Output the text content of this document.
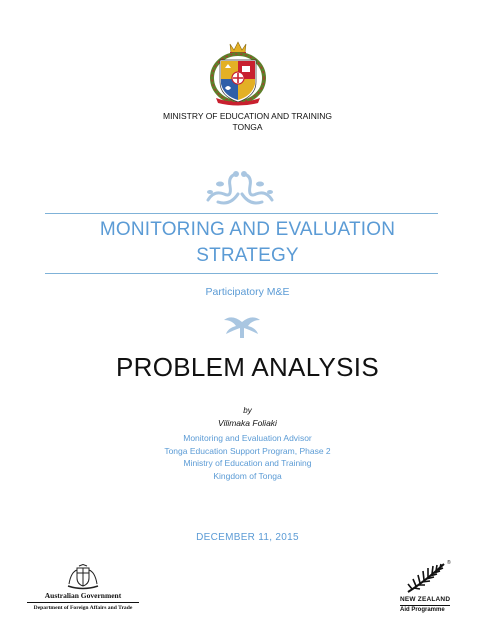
MINISTRY OF EDUCATION AND TRAINING
TONGA
MONITORING AND EVALUATION
STRATEGY
Participatory M&E
PROBLEM ANALYSIS
by
Vilimaka Foliaki
Monitoring and Evaluation Advisor
Tonga Education Support Program, Phase 2
Ministry of Education and Training
Kingdom of Tonga
DECEMBER 11, 2015
Australian Government
Department of Foreign Affairs and Trade
®
NEW ZEALAND
Aid Programme
